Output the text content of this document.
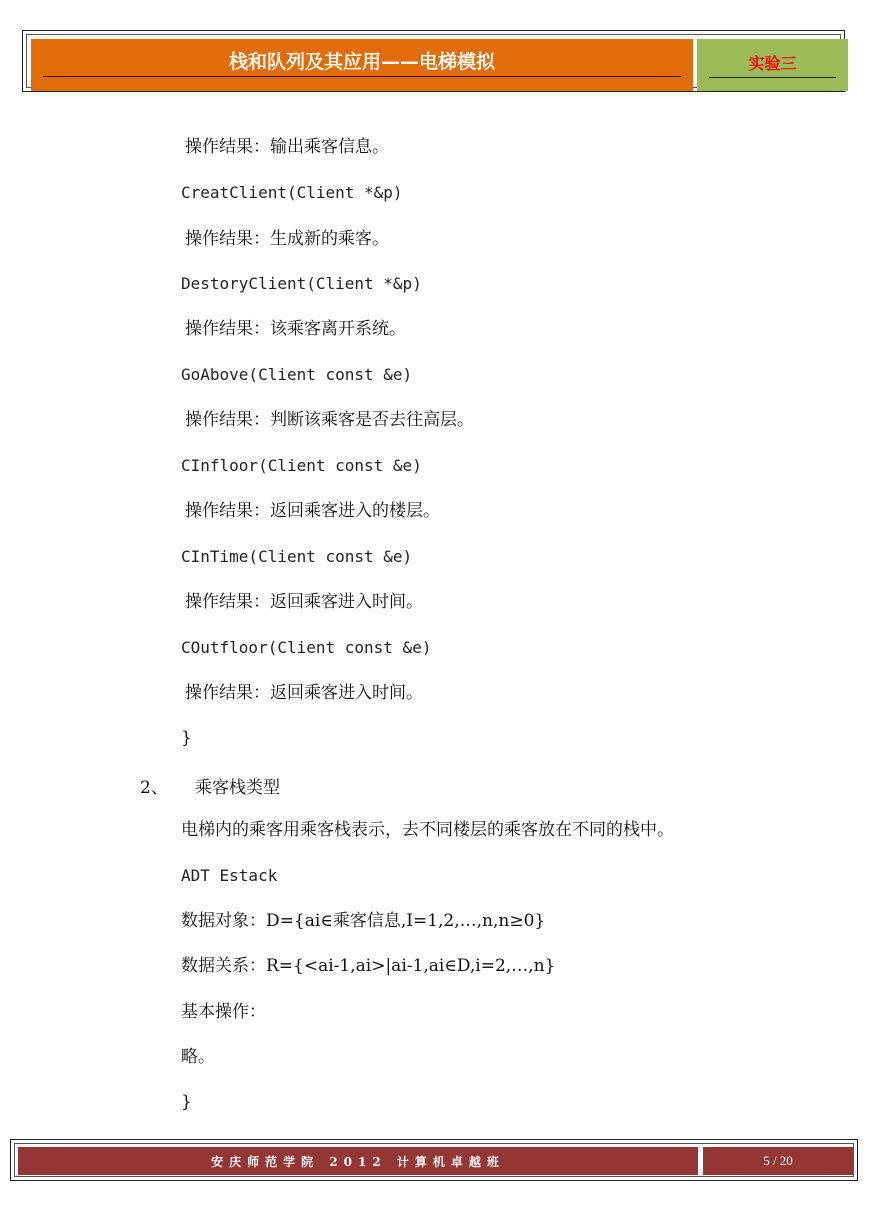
栈和队列及其应用——电梯模拟	实验三
操作结果：输出乘客信息。
CreatClient(Client *&p)
操作结果：生成新的乘客。
DestoryClient(Client *&p)
操作结果：该乘客离开系统。
GoAbove(Client const &e)
操作结果：判断该乘客是否去往高层。
CInfloor(Client const &e)
操作结果：返回乘客进入的楼层。
CInTime(Client const &e)
操作结果：返回乘客进入时间。
COutfloor(Client const &e)
操作结果：返回乘客进入时间。
}
2、 乘客栈类型
电梯内的乘客用乘客栈表示，去不同楼层的乘客放在不同的栈中。
ADT Estack
数据对象：D={ai∈乘客信息,I=1,2,…,n,n≥0}
数据关系：R={<ai-1,ai>|ai-1,ai∈D,i=2,…,n}
基本操作：
略。
}
安庆师范学院 2012 计算机卓越班	5 / 20
